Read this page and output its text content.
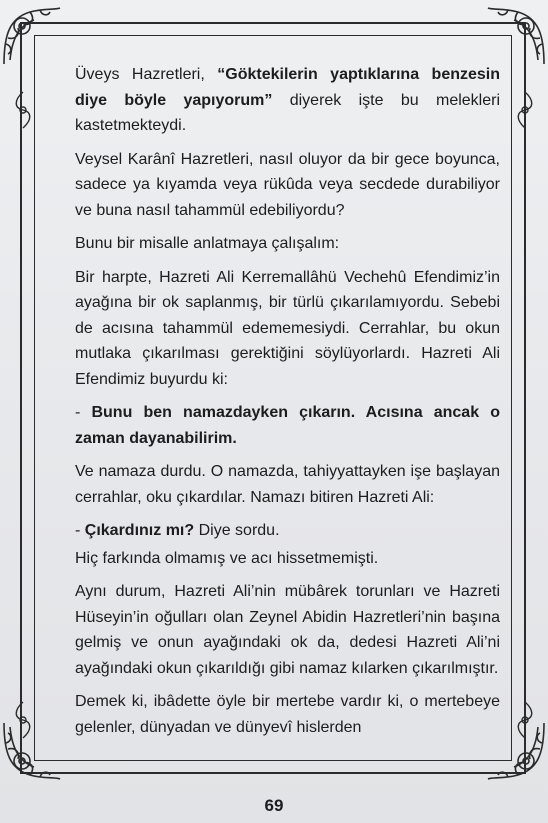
Üveys Hazretleri, “Göktekilerin yaptıklarına benzesin diye böyle yapıyorum” diyerek işte bu melekleri kastetmekteydi.

Veysel Karânî Hazretleri, nasıl oluyor da bir gece boyunca, sadece ya kıyamda veya rükûda veya secdede durabiliyor ve buna nasıl tahammül edebiliyordu?

Bunu bir misalle anlatmaya çalışalım:

Bir harpte, Hazreti Ali Kerremallâhü Vechehû Efendimiz’in ayağına bir ok saplanmış, bir türlü çıkarılamıyordu. Sebebi de acısına tahammül edememesiydi. Cerrahlar, bu okun mutlaka çıkarılması gerektiğini söylüyorlardı. Hazreti Ali Efendimiz buyurdu ki:

- Bunu ben namazdayken çıkarın. Acısına ancak o zaman dayanabilirim.

Ve namaza durdu. O namazda, tahiyyattayken işe başlayan cerrahlar, oku çıkardılar. Namazı bitiren Hazreti Ali:

- Çıkardınız mı? Diye sordu.

Hiç farkında olmamış ve acı hissetmemişti.

Aynı durum, Hazreti Ali’nin mübârek torunları ve Hazreti Hüseyin’in oğulları olan Zeynel Abidin Hazretleri’nin başına gelmiş ve onun ayağındaki ok da, dedesi Hazreti Ali’ni ayağındaki okun çıkarıldığı gibi namaz kılarken çıkarılmıştır.

Demek ki, ibâdette öyle bir mertebe vardır ki, o mertebeye gelenler, dünyadan ve dünyevî hislerden

69
